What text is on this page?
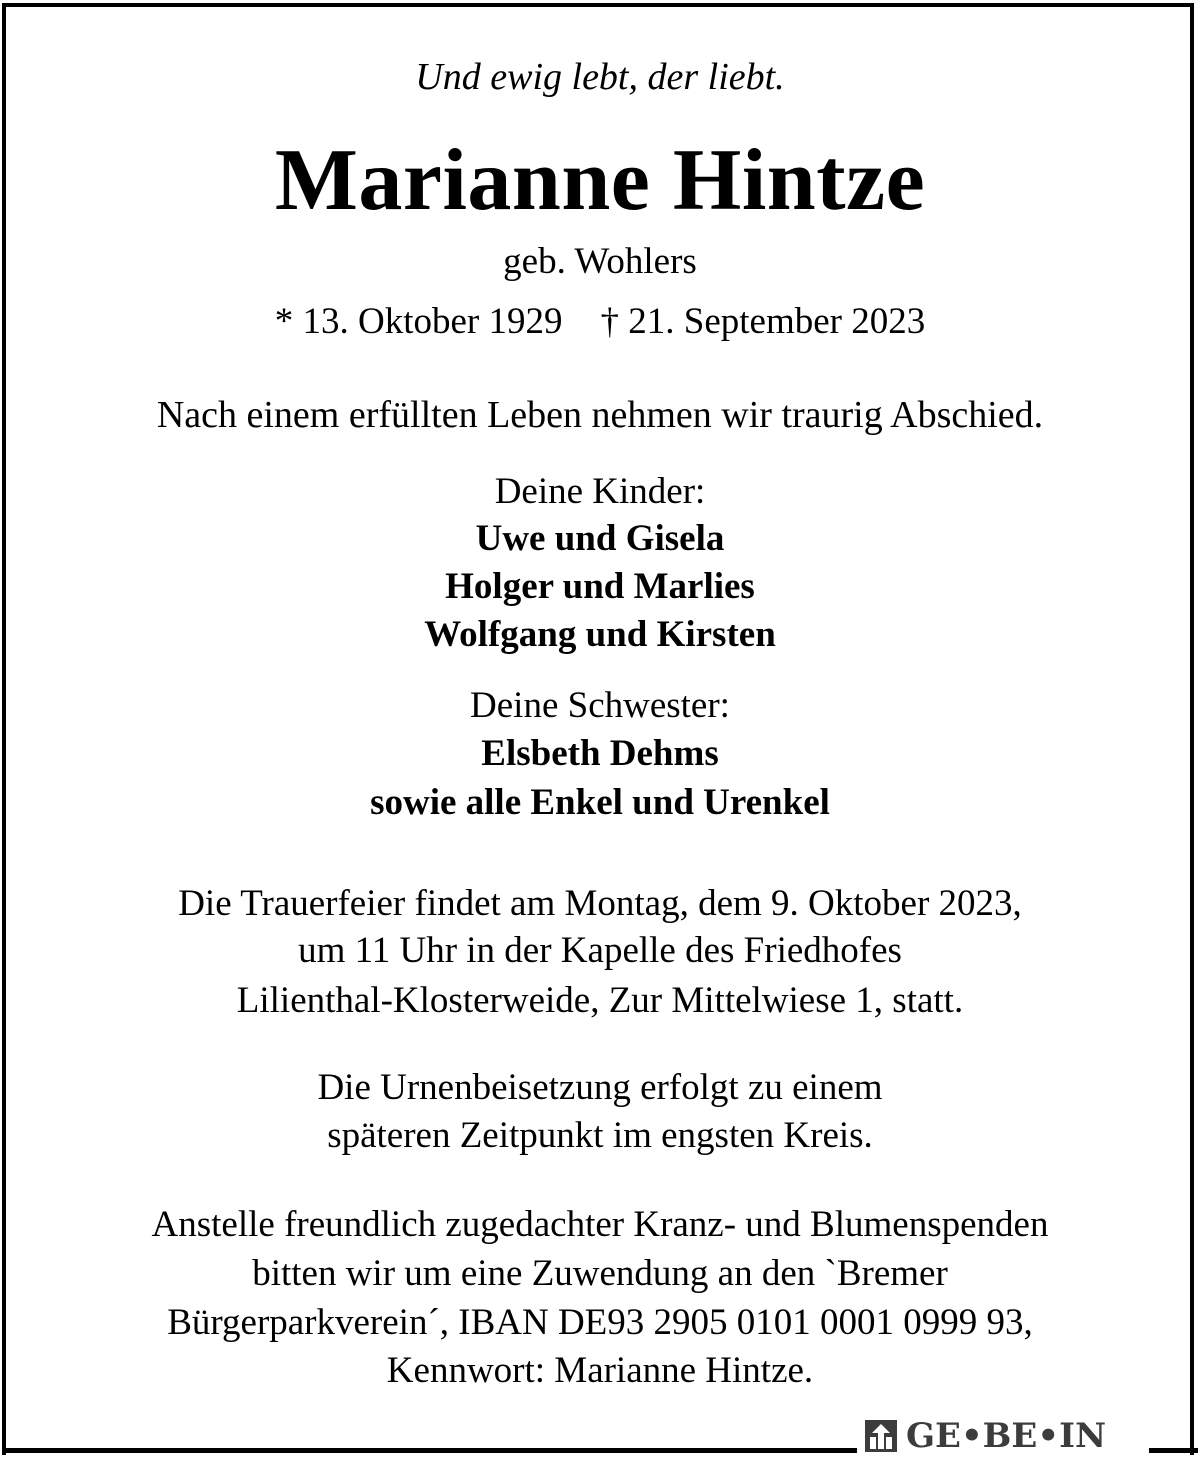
Und ewig lebt, der liebt.
Marianne Hintze
geb. Wohlers
* 13. Oktober 1929 † 21. September 2023
Nach einem erfüllten Leben nehmen wir traurig Abschied.
Deine Kinder:
Uwe und Gisela
Holger und Marlies
Wolfgang und Kirsten
Deine Schwester:
Elsbeth Dehms
sowie alle Enkel und Urenkel
Die Trauerfeier findet am Montag, dem 9. Oktober 2023,
um 11 Uhr in der Kapelle des Friedhofes
Lilienthal-Klosterweide, Zur Mittelwiese 1, statt.
Die Urnenbeisetzung erfolgt zu einem
späteren Zeitpunkt im engsten Kreis.
Anstelle freundlich zugedachter Kranz- und Blumenspenden
bitten wir um eine Zuwendung an den `Bremer
Bürgerparkverein´, IBAN DE93 2905 0101 0001 0999 93,
Kennwort: Marianne Hintze.
GE•BE•IN
